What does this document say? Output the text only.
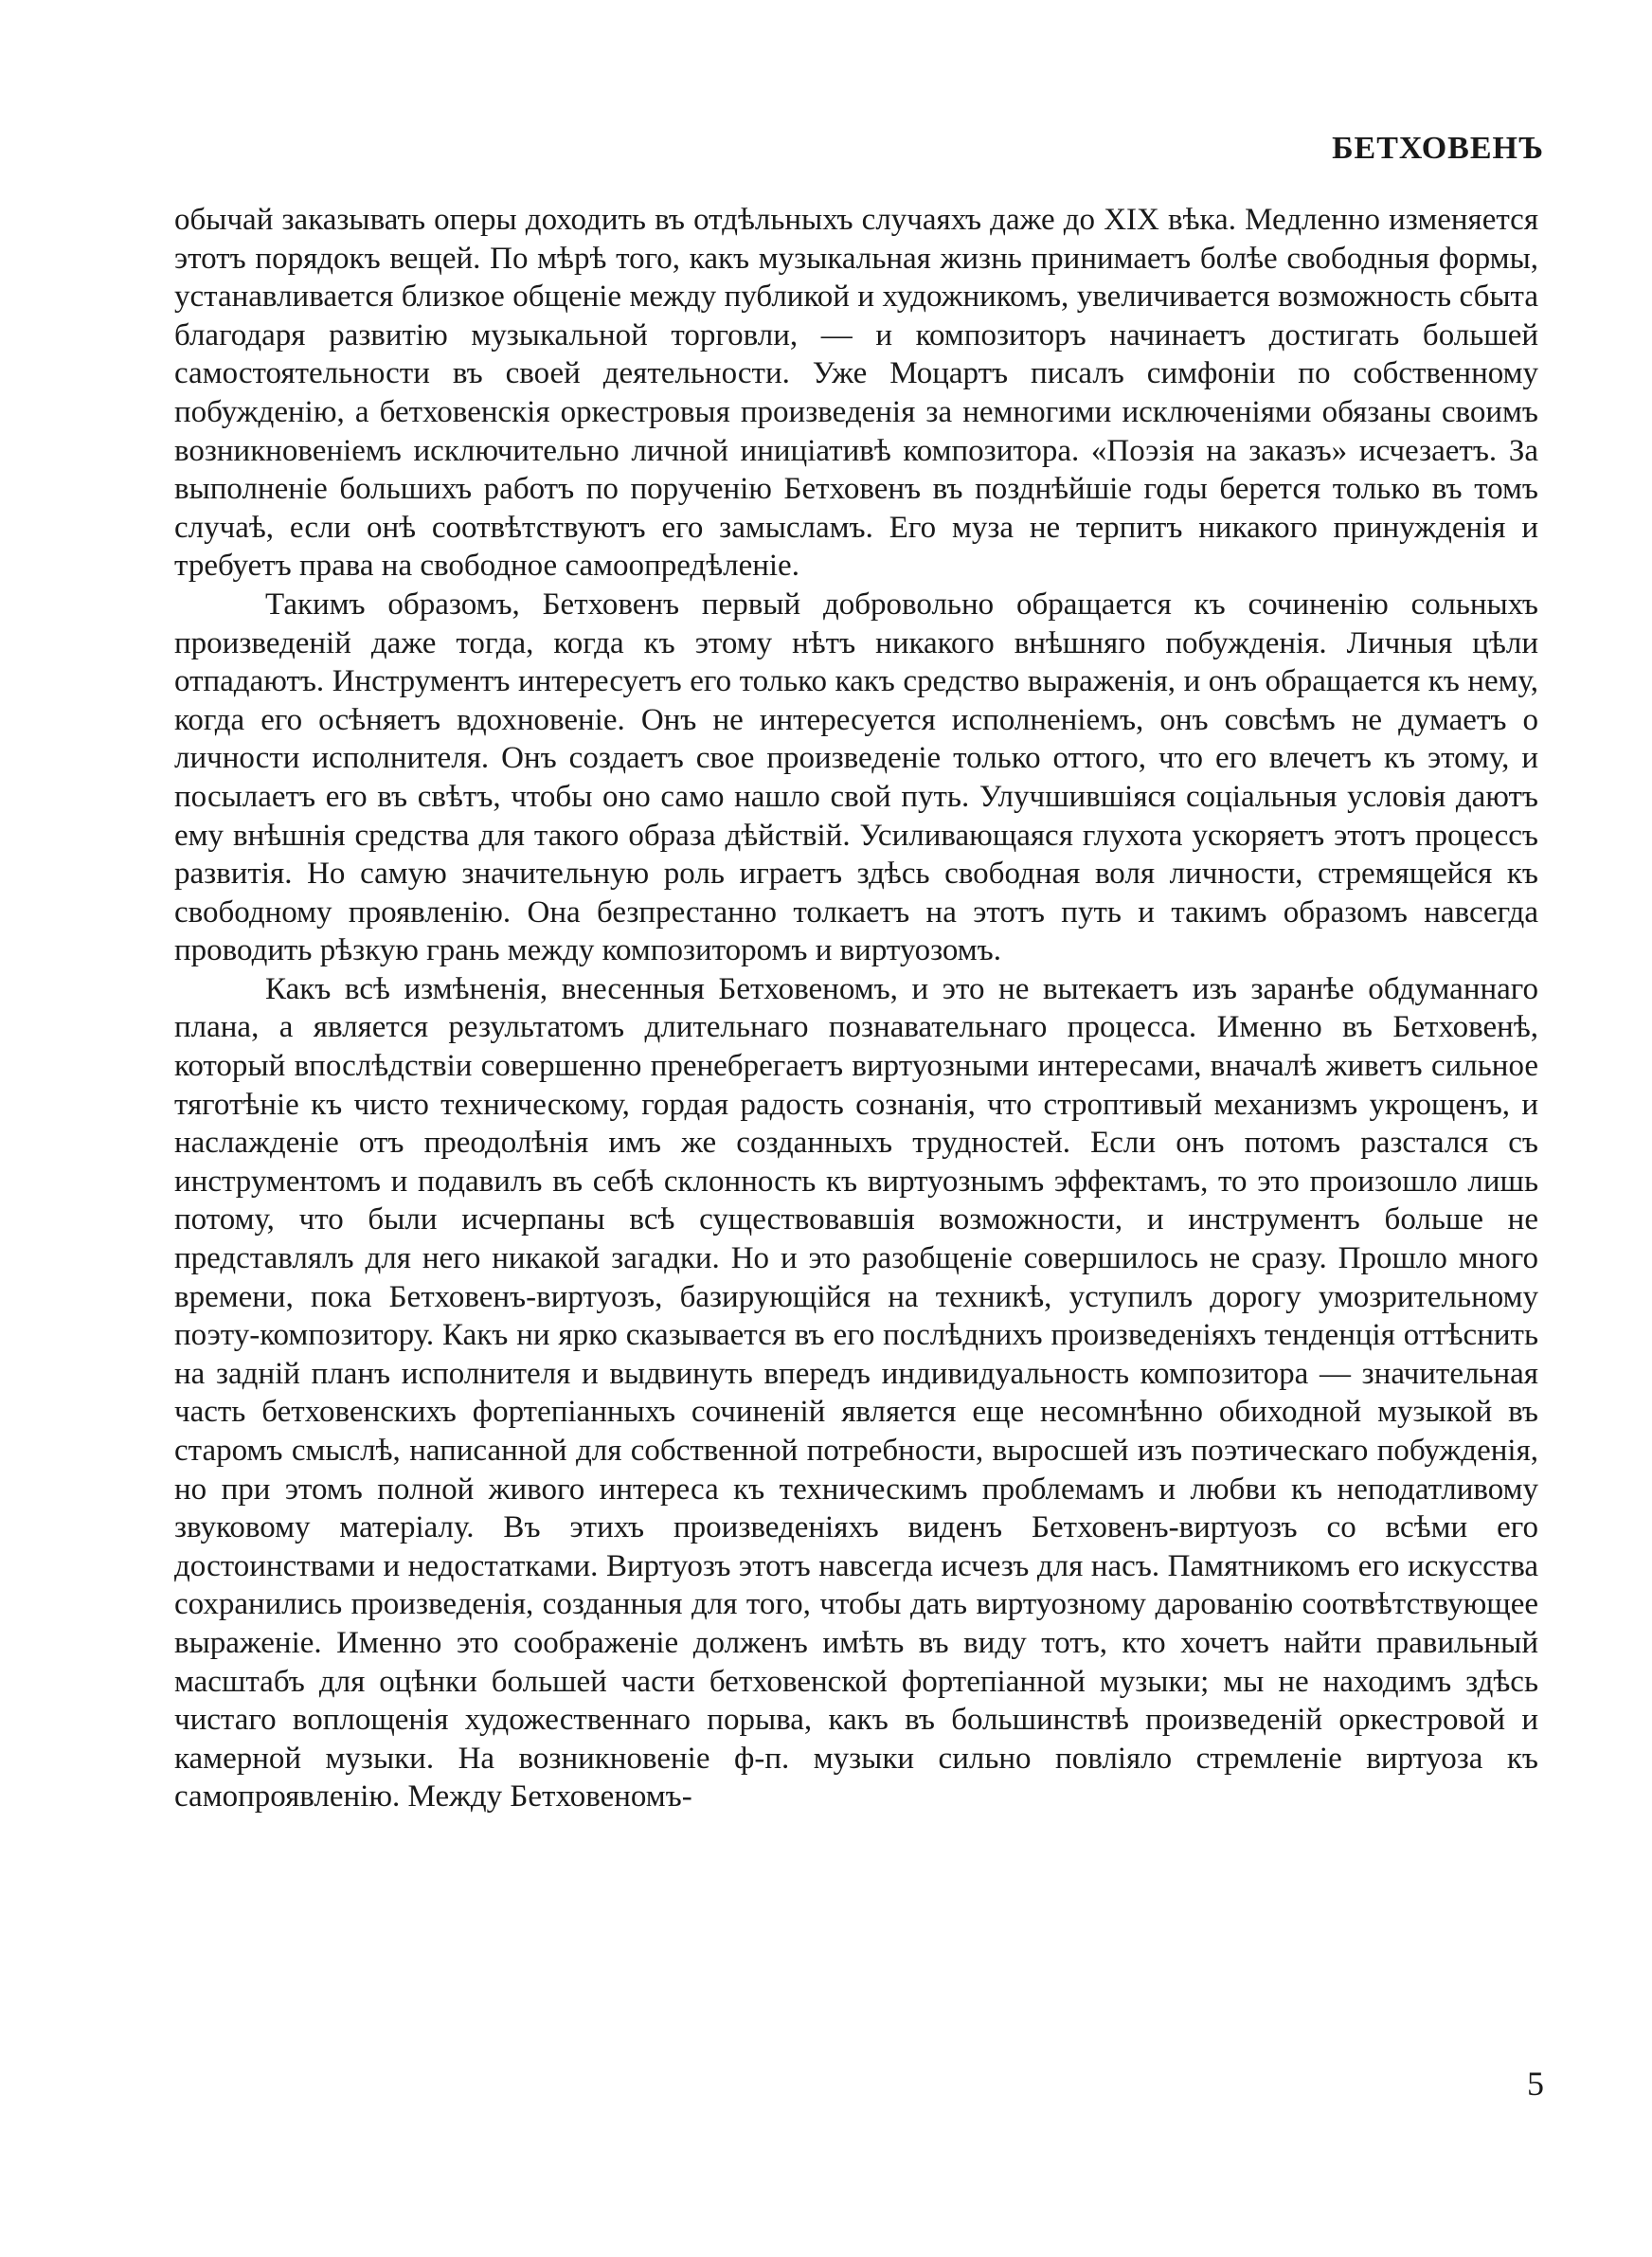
БЕТХОВЕНЪ

обычай заказывать оперы доходить въ отдѣльныхъ случаяхъ даже до XIX вѣка. Медленно изменяется этотъ порядокъ вещей. По мѣрѣ того, какъ музыкальная жизнь принимаетъ болѣе свободныя формы, устанавливается близкое общеніе между публикой и художникомъ, увеличивается возможность сбыта благодаря развитію музыкальной торговли, — и композиторъ начинаетъ достигать большей самостоятельности въ своей деятельности. Уже Моцартъ писалъ симфоніи по собственному побужденію, а бетховенскія оркестровыя произведенія за немногими исключеніями обязаны своимъ возникновеніемъ исключительно личной иниціативѣ композитора. «Поэзія на заказъ» исчезаетъ. За выполненіе большихъ работъ по порученію Бетховенъ въ позднѣйшіе годы берется только въ томъ случаѣ, если онѣ соотвѣтствуютъ его замысламъ. Его муза не терпитъ никакого принужденія и требуетъ права на свободное самоопредѣленіе.

Такимъ образомъ, Бетховенъ первый добровольно обращается къ сочиненію сольныхъ произведеній даже тогда, когда къ этому нѣтъ никакого внѣшняго побужденія. Личныя цѣли отпадаютъ. Инструментъ интересуетъ его только какъ средство выраженія, и онъ обращается къ нему, когда его осѣняетъ вдохновеніе. Онъ не интересуется исполненіемъ, онъ совсѣмъ не думаетъ о личности исполнителя. Онъ создаетъ свое произведеніе только оттого, что его влечетъ къ этому, и посылаетъ его въ свѣтъ, чтобы оно само нашло свой путь. Улучшившіяся соціальныя условія даютъ ему внѣшнія средства для такого образа дѣйствій. Усиливающаяся глухота ускоряетъ этотъ процессъ развитія. Но самую значительную роль играетъ здѣсь свободная воля личности, стремящейся къ свободному проявленію. Она безпрестанно толкаетъ на этотъ путь и такимъ образомъ навсегда проводить рѣзкую грань между композиторомъ и виртуозомъ.

Какъ всѣ измѣненія, внесенныя Бетховеномъ, и это не вытекаетъ изъ заранѣе обдуманнаго плана, а является результатомъ длительнаго познавательнаго процесса. Именно въ Бетховенѣ, который впослѣдствіи совершенно пренебрегаетъ виртуозными интересами, вначалѣ живетъ сильное тяготѣніе къ чисто техническому, гордая радость сознанія, что строптивый механизмъ укрощенъ, и наслажденіе отъ преодолѣнія имъ же созданныхъ трудностей. Если онъ потомъ разстался съ инструментомъ и подавилъ въ себѣ склонность къ виртуознымъ эффектамъ, то это произошло лишь потому, что были исчерпаны всѣ существовавшія возможности, и инструментъ больше не представлялъ для него никакой загадки. Но и это разобщеніе совершилось не сразу. Прошло много времени, пока Бетховенъ-виртуозъ, базирующійся на техникѣ, уступилъ дорогу умозрительному поэту-композитору. Какъ ни ярко сказывается въ его послѣднихъ произведеніяхъ тенденція оттѣснить на задній планъ исполнителя и выдвинуть впередъ индивидуальность композитора — значительная часть бетховенскихъ фортепіанныхъ сочиненій является еще несомнѣнно обиходной музыкой въ старомъ смыслѣ, написанной для собственной потребности, выросшей изъ поэтическаго побужденія, но при этомъ полной живого интереса къ техническимъ проблемамъ и любви къ неподатливому звуковому матеріалу. Въ этихъ произведеніяхъ виденъ Бетховенъ-виртуозъ со всѣми его достоинствами и недостатками. Виртуозъ этотъ навсегда исчезъ для насъ. Памятникомъ его искусства сохранились произведенія, созданныя для того, чтобы дать виртуозному дарованію соотвѣтствующее выраженіе. Именно это соображеніе долженъ имѣть въ виду тотъ, кто хочетъ найти правильный масштабъ для оцѣнки большей части бетховенской фортепіанной музыки; мы не находимъ здѣсь чистаго воплощенія художественнаго порыва, какъ въ большинствѣ произведеній оркестровой и камерной музыки. На возникновеніе ф-п. музыки сильно повліяло стремленіе виртуоза къ самопроявленію. Между Бетховеномъ-

5
